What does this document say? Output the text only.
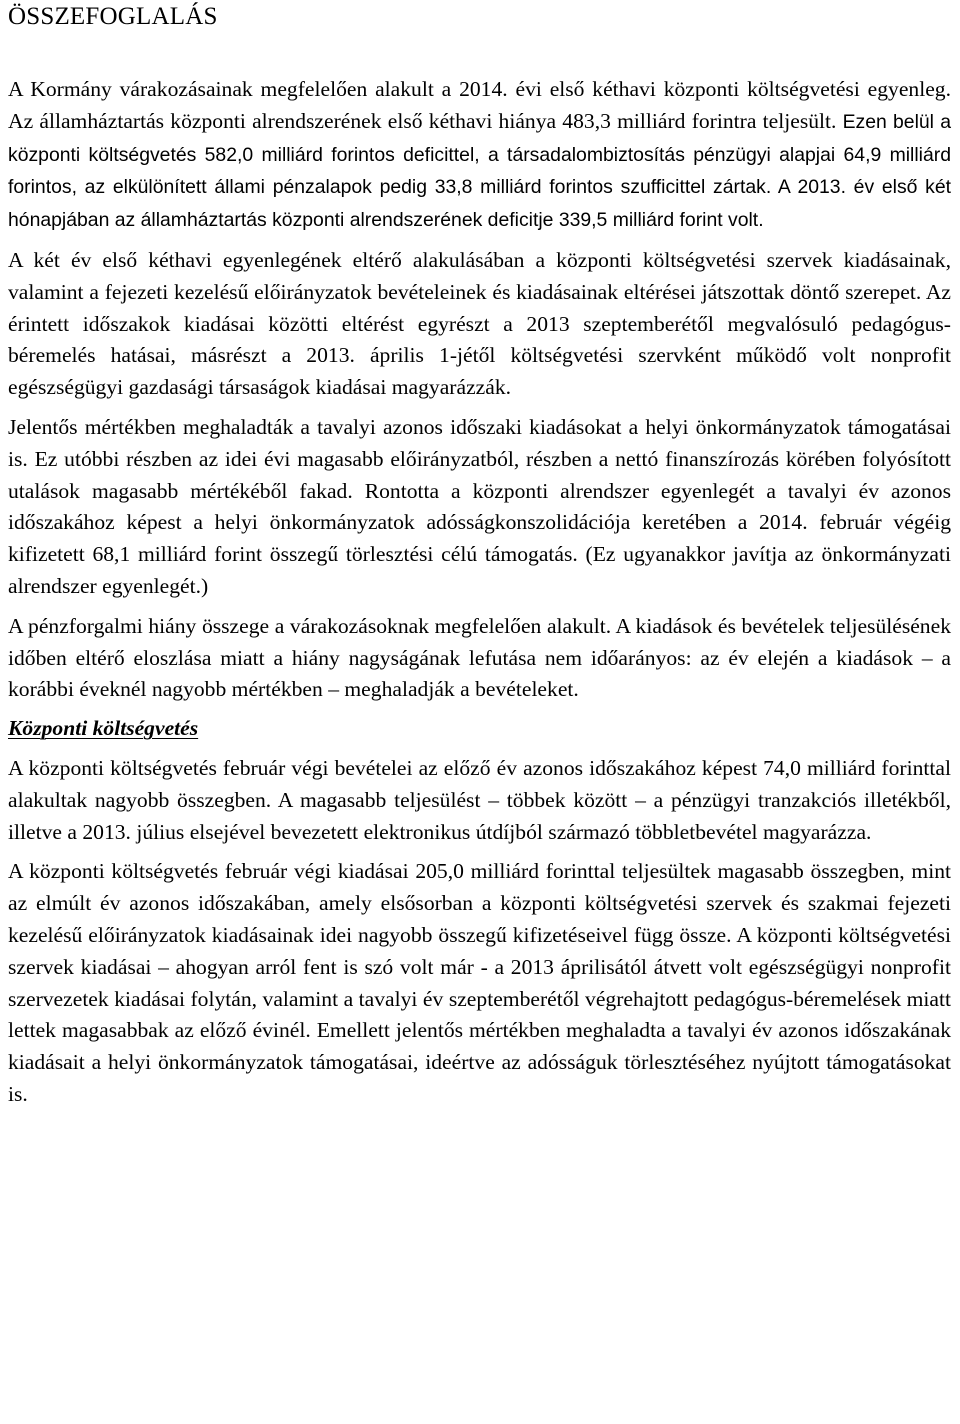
ÖSSZEFOGLALÁS

A Kormány várakozásainak megfelelően alakult a 2014. évi első kéthavi központi költségvetési egyenleg. Az államháztartás központi alrendszerének első kéthavi hiánya 483,3 milliárd forintra teljesült. Ezen belül a központi költségvetés 582,0 milliárd forintos deficittel, a társadalombiztosítás pénzügyi alapjai 64,9 milliárd forintos, az elkülönített állami pénzalapok pedig 33,8 milliárd forintos szufficittel zártak. A 2013. év első két hónapjában az államháztartás központi alrendszerének deficitje 339,5 milliárd forint volt.

A két év első kéthavi egyenlegének eltérő alakulásában a központi költségvetési szervek kiadásainak, valamint a fejezeti kezelésű előirányzatok bevételeinek és kiadásainak eltérései játszottak döntő szerepet. Az érintett időszakok kiadásai közötti eltérést egyrészt a 2013 szeptemberétől megvalósuló pedagógus-béremelés hatásai, másrészt a 2013. április 1-jétől költségvetési szervként működő volt nonprofit egészségügyi gazdasági társaságok kiadásai magyarázzák.

Jelentős mértékben meghaladták a tavalyi azonos időszaki kiadásokat a helyi önkormányzatok támogatásai is. Ez utóbbi részben az idei évi magasabb előirányzatból, részben a nettó finanszírozás körében folyósított utalások magasabb mértékéből fakad. Rontotta a központi alrendszer egyenlegét a tavalyi év azonos időszakához képest a helyi önkormányzatok adósságkonszolidációja keretében a 2014. február végéig kifizetett 68,1 milliárd forint összegű törlesztési célú támogatás. (Ez ugyanakkor javítja az önkormányzati alrendszer egyenlegét.)

A pénzforgalmi hiány összege a várakozásoknak megfelelően alakult. A kiadások és bevételek teljesülésének időben eltérő eloszlása miatt a hiány nagyságának lefutása nem időarányos: az év elején a kiadások – a korábbi éveknél nagyobb mértékben – meghaladják a bevételeket.

Központi költségvetés

A központi költségvetés február végi bevételei az előző év azonos időszakához képest 74,0 milliárd forinttal alakultak nagyobb összegben. A magasabb teljesülést – többek között – a pénzügyi tranzakciós illetékből, illetve a 2013. július elsejével bevezetett elektronikus útdíjból származó többletbevétel magyarázza.

A központi költségvetés február végi kiadásai 205,0 milliárd forinttal teljesültek magasabb összegben, mint az elmúlt év azonos időszakában, amely elsősorban a központi költségvetési szervek és szakmai fejezeti kezelésű előirányzatok kiadásainak idei nagyobb összegű kifizetéseivel függ össze. A központi költségvetési szervek kiadásai – ahogyan arról fent is szó volt már - a 2013 áprilisától átvett volt egészségügyi nonprofit szervezetek kiadásai folytán, valamint a tavalyi év szeptemberétől végrehajtott pedagógus-béremelések miatt lettek magasabbak az előző évinél. Emellett jelentős mértékben meghaladta a tavalyi év azonos időszakának kiadásait a helyi önkormányzatok támogatásai, ideértve az adósságuk törlesztéséhez nyújtott támogatásokat is.
